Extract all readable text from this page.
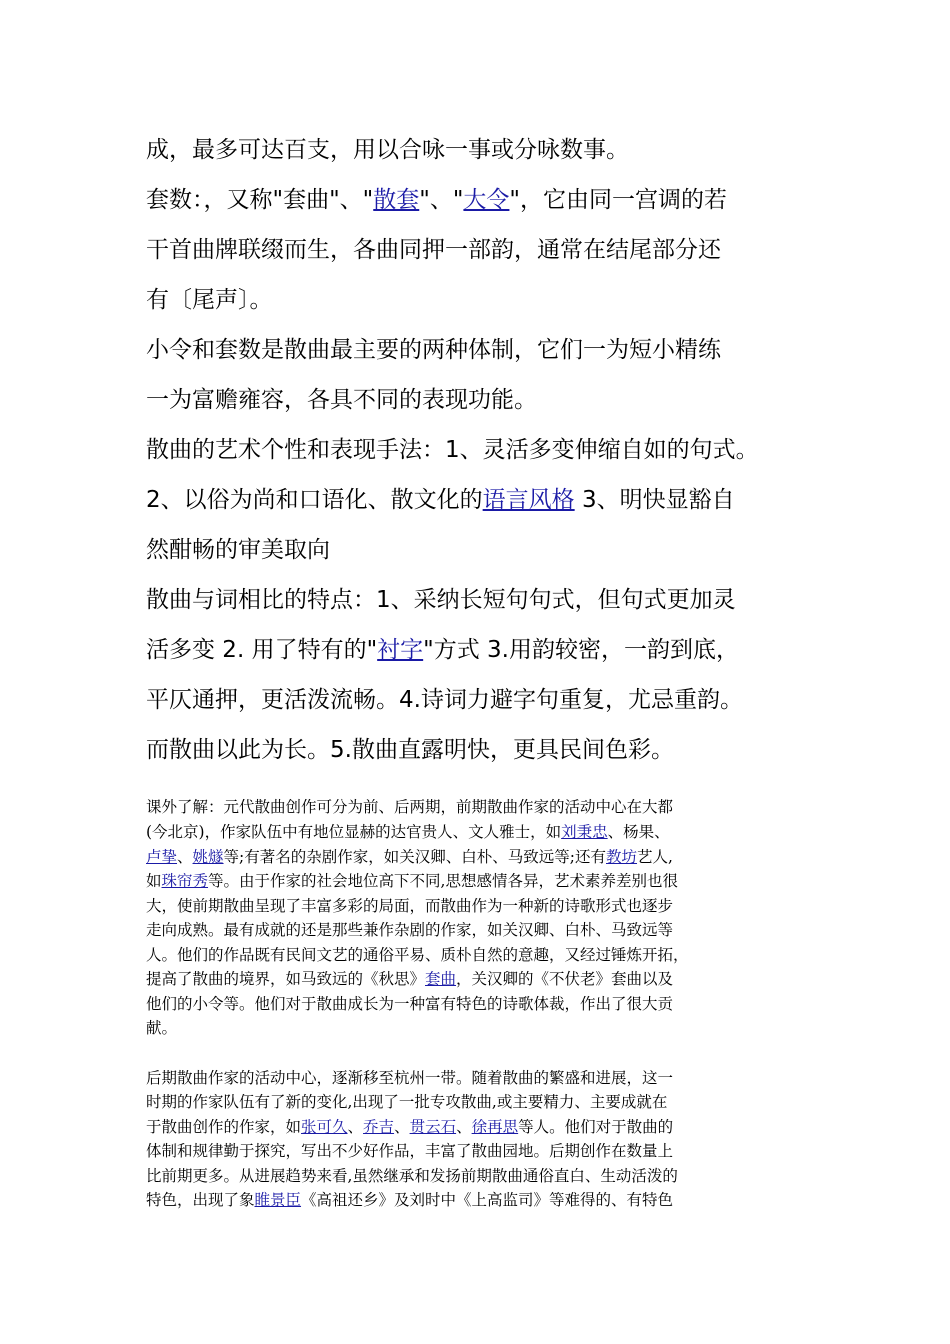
成，最多可达百支，用以合咏一事或分咏数事。

套数：，又称"套曲"、"散套"、"大令"，它由同一宫调的若

干首曲牌联缀而生，各曲同押一部韵，通常在结尾部分还

有〔尾声〕。

小令和套数是散曲最主要的两种体制，它们一为短小精练

一为富赡雍容，各具不同的表现功能。

散曲的艺术个性和表现手法：1、灵活多变伸缩自如的句式。

2、以俗为尚和口语化、散文化的语言风格 3、明快显豁自

然酣畅的审美取向

散曲与词相比的特点：1、采纳长短句句式，但句式更加灵

活多变 2. 用了特有的"衬字"方式 3.用韵较密，一韵到底，

平仄通押，更活泼流畅。4.诗词力避字句重复，尤忌重韵。

而散曲以此为长。5.散曲直露明快，更具民间色彩。

课外了解：元代散曲创作可分为前、后两期，前期散曲作家的活动中心在大都

(今北京)，作家队伍中有地位显赫的达官贵人、文人雅士，如刘秉忠、杨果、

卢挚、姚燧等;有著名的杂剧作家，如关汉卿、白朴、马致远等;还有教坊艺人,

如珠帘秀等。由于作家的社会地位高下不同,思想感情各异，艺术素养差别也很

大，使前期散曲呈现了丰富多彩的局面，而散曲作为一种新的诗歌形式也逐步

走向成熟。最有成就的还是那些兼作杂剧的作家，如关汉卿、白朴、马致远等

人。他们的作品既有民间文艺的通俗平易、质朴自然的意趣，又经过锤炼开拓，

提高了散曲的境界，如马致远的《秋思》套曲，关汉卿的《不伏老》套曲以及

他们的小令等。他们对于散曲成长为一种富有特色的诗歌体裁，作出了很大贡

献。

后期散曲作家的活动中心，逐渐移至杭州一带。随着散曲的繁盛和进展，这一

时期的作家队伍有了新的变化,出现了一批专攻散曲,或主要精力、主要成就在

于散曲创作的作家，如张可久、乔吉、贯云石、徐再思等人。他们对于散曲的

体制和规律勤于探究，写出不少好作品，丰富了散曲园地。后期创作在数量上

比前期更多。从进展趋势来看,虽然继承和发扬前期散曲通俗直白、生动活泼的

特色，出现了象睢景臣《高祖还乡》及刘时中《上高监司》等难得的、有特色
